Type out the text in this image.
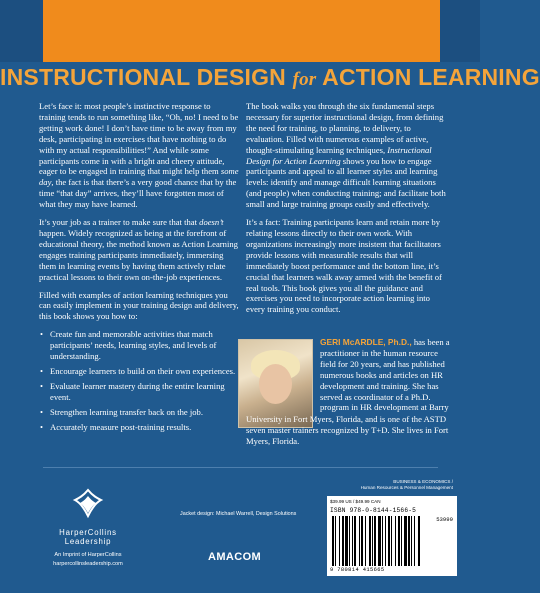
INSTRUCTIONAL DESIGN for ACTION LEARNING

Let’s face it: most people’s instinctive response to training tends to run something like, “Oh, no! I need to be getting work done! I don’t have time to be away from my desk, participating in exercises that have nothing to do with my actual responsibilities!” And while some participants come in with a bright and cheery attitude, eager to be engaged in training that might help them some day, the fact is that there’s a very good chance that by the time “that day” arrives, they’ll have forgotten most of what they may have learned.

It’s your job as a trainer to make sure that that doesn’t happen. Widely recognized as being at the forefront of educational theory, the method known as Action Learning engages training participants immediately, immersing them in learning events by having them actively relate practical lessons to their own on-the-job experiences.

Filled with examples of action learning techniques you can easily implement in your training design and delivery, this book shows you how to:

• Create fun and memorable activities that match participants’ needs, learning styles, and levels of understanding.
• Encourage learners to build on their own experiences.
• Evaluate learner mastery during the entire learning event.
• Strengthen learning transfer back on the job.
• Accurately measure post-training results.

The book walks you through the six fundamental steps necessary for superior instructional design, from defining the need for training, to planning, to delivery, to evaluation. Filled with numerous examples of active, thought-stimulating learning techniques, Instructional Design for Action Learning shows you how to engage participants and appeal to all learner styles and learning levels: identify and manage difficult learning situations (and people) when conducting training; and facilitate both small and large training groups easily and effectively.

It’s a fact: Training participants learn and retain more by relating lessons directly to their own work. With organizations increasingly more insistent that facilitators provide lessons with measurable results that will immediately boost performance and the bottom line, it’s crucial that learners walk away armed with the benefit of real tools. This book gives you all the guidance and exercises you need to incorporate action learning into every training you conduct.

GERI McARDLE, Ph.D., has been a practitioner in the human resource field for 20 years, and has published numerous books and articles on HR development and training. She has served as coordinator of a Ph.D. program in HR development at Barry
University in Fort Myers, Florida, and is one of the ASTD seven master trainers recognized by T+D. She lives in Fort Myers, Florida.
HarperCollins
Leadership
An Imprint of HarperCollins
harpercollinsleadership.com
Jacket design: Michael Warrell, Design Solutions
AMACOM
BUSINESS & ECONOMICS /
Human Resources & Personnel Management
$39.99 US / $49.99 CAN
ISBN 978-0-8144-1566-5
53999
9 780814 415665
